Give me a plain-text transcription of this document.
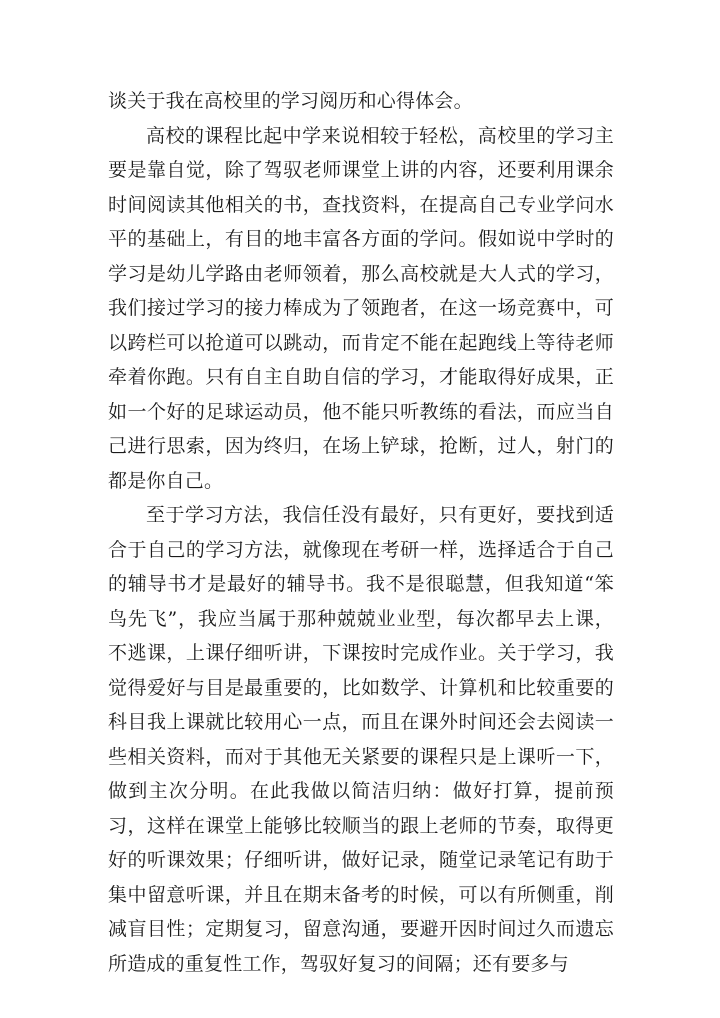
谈关于我在高校里的学习阅历和心得体会。

高校的课程比起中学来说相较于轻松，高校里的学习主要是靠自觉，除了驾驭老师课堂上讲的内容，还要利用课余时间阅读其他相关的书，查找资料，在提高自己专业学问水平的基础上，有目的地丰富各方面的学问。假如说中学时的学习是幼儿学路由老师领着，那么高校就是大人式的学习，我们接过学习的接力棒成为了领跑者，在这一场竞赛中，可以跨栏可以抢道可以跳动，而肯定不能在起跑线上等待老师牵着你跑。只有自主自助自信的学习，才能取得好成果，正如一个好的足球运动员，他不能只听教练的看法，而应当自己进行思索，因为终归，在场上铲球，抢断，过人，射门的都是你自己。

至于学习方法，我信任没有最好，只有更好，要找到适合于自己的学习方法，就像现在考研一样，选择适合于自己的辅导书才是最好的辅导书。我不是很聪慧，但我知道“笨鸟先飞”，我应当属于那种兢兢业业型，每次都早去上课，不逃课，上课仔细听讲，下课按时完成作业。关于学习，我觉得爱好与目是最重要的，比如数学、计算机和比较重要的科目我上课就比较用心一点，而且在课外时间还会去阅读一些相关资料，而对于其他无关紧要的课程只是上课听一下，做到主次分明。在此我做以简洁归纳：做好打算，提前预习，这样在课堂上能够比较顺当的跟上老师的节奏，取得更好的听课效果；仔细听讲，做好记录，随堂记录笔记有助于集中留意听课，并且在期末备考的时候，可以有所侧重，削减盲目性；定期复习，留意沟通，要避开因时间过久而遗忘所造成的重复性工作，驾驭好复习的间隔；还有要多与
